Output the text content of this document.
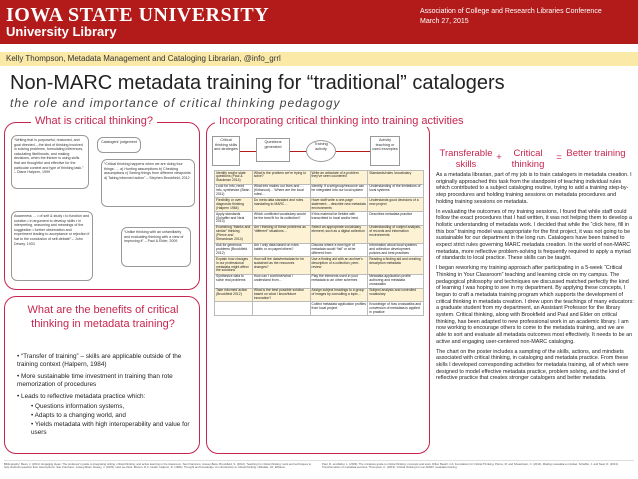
IOWA STATE UNIVERSITY
University Library
Association of College and Research Libraries Conference
March 27, 2015
Kelly Thompson, Metadata Management and Cataloging Librarian, @info_grrl
Non-MARC metadata training for “traditional” catalogers
the role and importance of critical thinking pedagogy
What is critical thinking?
“Writing that is purposeful, reasoned, and goal directed – the kind of thinking involved in solving problems, formulating inferences, calculating likelihoods, and making decisions, when the thinker is using skills that are thoughtful and effective for the particular context and type of thinking task.” – Diane Halpern, 1999
Catalogers’ judgement
“Critical thinking happens when we are doing four things: … a) Hunting assumptions b) Checking assumptions c) Seeing things from different viewpoints d) Taking informed action” – Stephen Brookfield, 2012
Awareness … • of self & study • to function and solution • in argument to develop skills • in interpreting, reasoning and meanings of the suggestion • further observation and experiment leading to acceptance or rejection if hat to the conclusion of self-debate” – John Dewey, 1933
“Unlike thinking with an unfamiliarity and evaluating thinking with a view of improving it” – Paul & Elder, 2009
What are the benefits of critical thinking in metadata training?
• “Transfer of training” – skills are applicable outside of the training context (Halpern, 1984)
• More sustainable time investment in training than rote memorization of procedures
• Leads to reflective metadata practice which:
• Questions information systems,
• Adapts to a changing world, and
• Yields metadata with high interoperability and value for users
Incorporating critical thinking into training activities
Critical thinking skills and strategies
Questions generated
Training activity
Activity teaching or used examples
Identify and/or state questions (Paul & Stackman 2014)	What is the problem we’re trying to solve?	Write an articulate of a problem they’ve seen countered	Standards/rules /vocabulary
Look for info, need info, synthesize (Bean 2011)	What info makes our lives and … (Kirkwood)… Where are the local rules/…	Identify, if a set/group/resource can be integrated into our local system	Understanding of the limitations of local systems
Flexibility or over diagnostic thinking (Halpern 1984)	Do meta data standard and rules mandating to MARC…	Have staff write a one-page statement… describe new metadata environments	Understands good decisions of a new project
Apply standards (Schaffer and Neal 2013)	Which conflicted vocabulary would be the best fit for its collection?	If this material be fielded with transcribed to local and/or best	Describes metadata practice
Examining “blanks and similar” thinking (Pierce and Sheardown 2014)	Am I thinking of these problems as “different” situations…	Select an appropriate vocabulary element; such as a digital collection	Understanding of subject analysis, of records and information environments
Ask for generous problems (Brookfield 2012)	Am I only data based on rules habits or on paper/others?	Discuss where a new type of metadata would “fail” or at be different from	Information about local systems and collection development policies and best practices
Explain how changes in our professional metadata might affect the solutions	How will the data/metadata for be sustained as the resources changes?	Use a finding aid with an archive’s description of a collection; peer-review	Reading a finding aid and creating description metadata
Synthesize data to solve real problems	How can I combine/what I understand from…	Play the elements used in your metadata to an other schemes	Metadata application profile authoring and metadata crosswalks
Take informed action (Brookfield 2012)	What is the best possible solution based on what I know/future innovation?	Assign subject headings to a group of images by consulting a topic…	Subject analysis and controlled vocabulary
		Collect metadata application profiles from local project	Knowledge of how crosswalks and conversion of metadata is applied in practice
Transferable skills
+	Critical thinking
= Better training

As a metadata librarian, part of my job is to train catalogers in metadata creation. I originally approached this task from the standpoint of teaching individual rules which contributed to a subject cataloging routine, trying to add a training step-by-step procedures and holding training sessions on metadata procedures and holding training sessions on metadata.

In evaluating the outcomes of my training sessions, I found that while staff could follow the exact procedures that I had written, it was not helping them to develop a holistic understanding of metadata work. I decided that while the “click here, fill in this box” training model was appropriate for the first project, it was not going to be sustainable for our department in the long run. Catalogers have been trained to expect strict rules governing MARC metadata creation. In the world of non-MARC metadata, more reflective problem-solving is frequently required to apply a myriad of standards to local practice. These skills can be taught.

I began reworking my training approach after participating in a 5-week “Critical Thinking in Your Classroom” teaching and learning circle on my campus. The pedagogical philosophy and techniques we discussed matched perfectly the kind of learning I was hoping to see in my department. By applying these concepts, I began to craft a metadata training program which supports the development of critical thinking in metadata creation. I drew upon the teachings of many educators: a graduate student from my department, an Assistant Professor for the library system. Critical thinking, along with Brookfield and Paul and Elder on critical thinking, has been adapted to new professional work in an academic library. I am now working to encourage others to come to the metadata training, and we are able to sort and evaluate all metadata outcomes most effectively. It needs to be an active and engaging user-centered non-MARC cataloging.

The chart on the poster includes a sampling of the skills, actions, and mindsets associated with critical thinking, in cataloging and metadata practice. From these skills I developed corresponding activities for metadata training, all of which were designed to model effective metadata practice, problem solving, and the kind of reflective practice that creates stronger catalogers and better metadata.

Bibliography: Bean, J. (2011). Engaging ideas: The professor’s guide to integrating writing, critical thinking, and active learning in the classroom. San Francisco: Jossey-Bass. Brookfield, S. (2012). Teaching for critical thinking: tools and techniques to help students question their assumptions. San Francisco: Jossey-Bass. Dewey, J. (1933). How we think. Boston: D.C. Heath. Halpern, D. (1984). Thought and knowledge: An introduction to critical thinking. Hillsdale, NJ: Erlbaum.
Paul, R. and Elder, L. (2009). The miniature guide to critical thinking: concepts and tools. Dillon Beach, CA: Foundation for Critical Thinking. Pierce, M. and Sheardown, C. (2014). Making metadata a mindset. Schaffer, J. and Neal, D. (2013). Transformation of metadata services. Thompson, K. (2015). Critical thinking for non-MARC metadata training.
